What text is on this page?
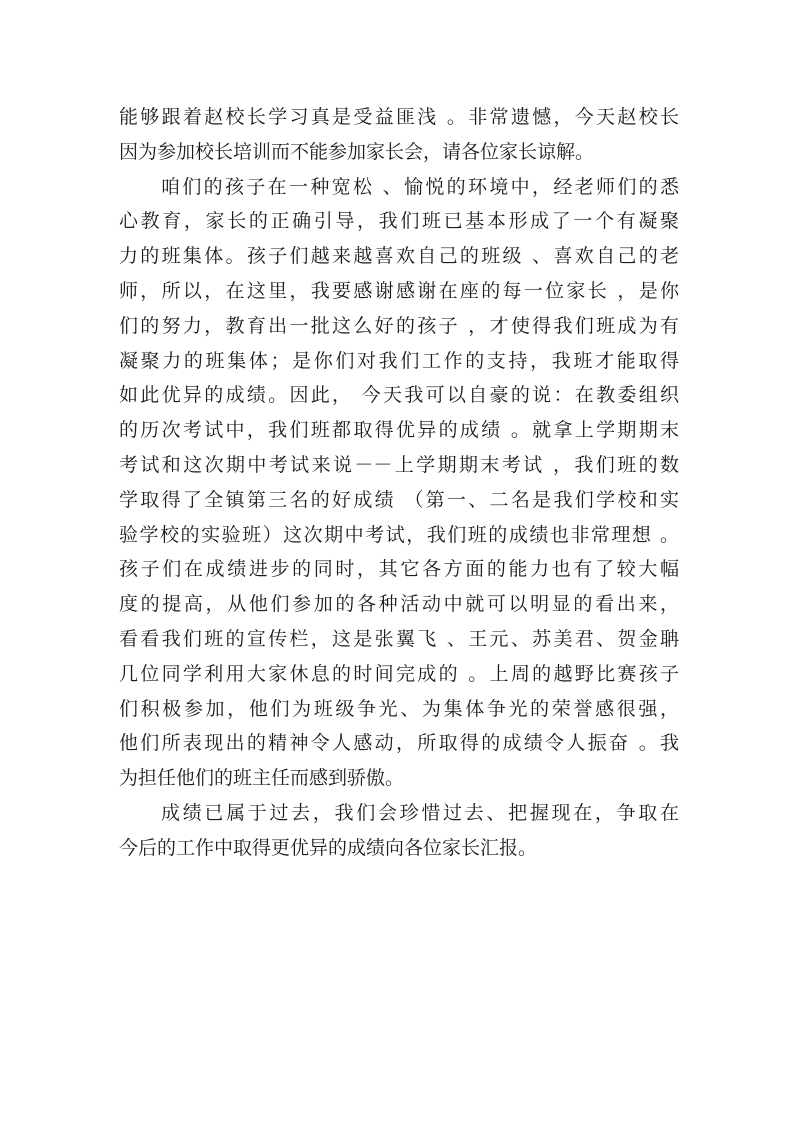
能够跟着赵校长学习真是受益匪浅 。非常遗憾，今天赵校长
因为参加校长培训而不能参加家长会，请各位家长谅解。
咱们的孩子在一种宽松 、愉悦的环境中，经老师们的悉
心教育，家长的正确引导，我们班已基本形成了一个有凝聚
力的班集体。孩子们越来越喜欢自己的班级 、喜欢自己的老
师，所以，在这里，我要感谢感谢在座的每一位家长 ，是你
们的努力，教育出一批这么好的孩子 ，才使得我们班成为有
凝聚力的班集体；是你们对我们工作的支持，我班才能取得
如此优异的成绩。因此， 今天我可以自豪的说：在教委组织
的历次考试中，我们班都取得优异的成绩 。就拿上学期期末
考试和这次期中考试来说－－上学期期末考试 ，我们班的数
学取得了全镇第三名的好成绩 （第一、二名是我们学校和实
验学校的实验班）这次期中考试，我们班的成绩也非常理想 。
孩子们在成绩进步的同时，其它各方面的能力也有了较大幅
度的提高，从他们参加的各种活动中就可以明显的看出来，
看看我们班的宣传栏，这是张翼飞 、王元、苏美君、贺金聃
几位同学利用大家休息的时间完成的 。上周的越野比赛孩子
们积极参加，他们为班级争光、为集体争光的荣誉感很强，
他们所表现出的精神令人感动，所取得的成绩令人振奋 。我
为担任他们的班主任而感到骄傲。
成绩已属于过去，我们会珍惜过去、把握现在，争取在
今后的工作中取得更优异的成绩向各位家长汇报。
